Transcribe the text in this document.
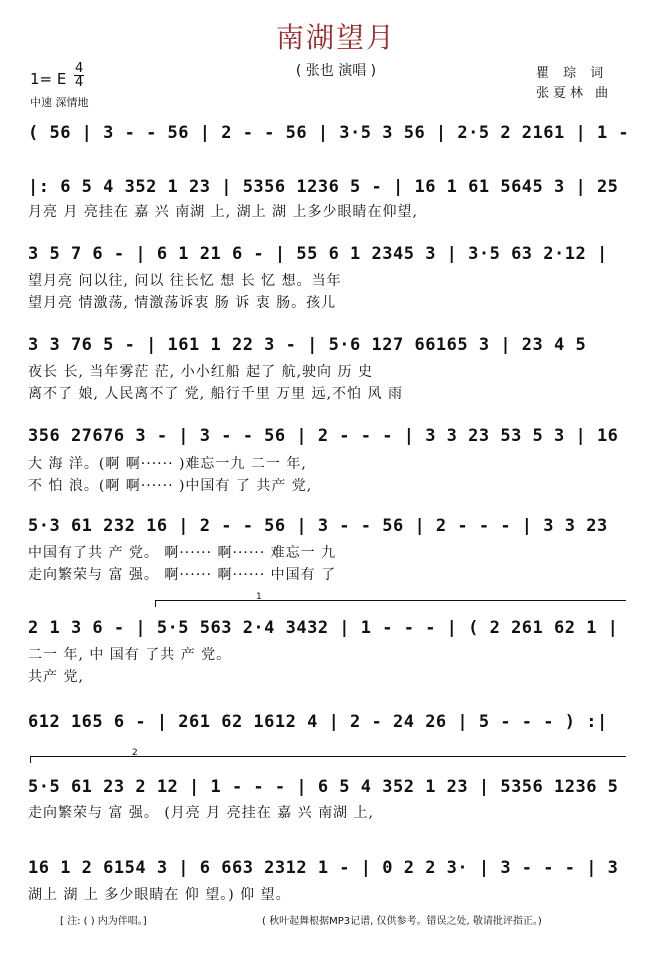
南湖望月
( 张也 演唱 )	瞿 琮 词
张夏林 曲
1= E $\frac{4}{4}$
中速 深情地
( 56 | 3 - - 56 | 2 - - 56 | 3·5 3 56 | 2·5 2 2161 | 1 -
|: 6 5 4 352 1 23 | 5356 1236 5 - | 16 1 61 5645 3 | 25
月亮 月 亮挂在 嘉 兴 南湖 上, 湖上 湖 上多少眼睛在仰望,
3 5 7 6 - | 6 1 21 6 - | 55 6 1 2345 3 | 3·5 63 2·12 |
望月亮 问以往, 问以 往长忆 想 长 忆 想。当年
望月亮 情激荡, 情激荡诉衷 肠 诉 衷 肠。孩儿
3 3 76 5 - | 161 1 22 3 - | 5·6 127 66165 3 | 23 4 5
夜长 长, 当年雾茫 茫, 小小红船 起了 航,驶向 历 史
离不了 娘, 人民离不了 党, 船行千里 万里 远,不怕 风 雨
356 27676 3 - | 3 - - 56 | 2 - - - | 3 3 23 53 5 3 | 16
大 海 洋。(啊 啊······ )难忘一九 二一 年,
不 怕 浪。(啊 啊······ )中国有 了 共产 党,
5·3 61 232 16 | 2 - - 56 | 3 - - 56 | 2 - - - | 3 3 23
中国有了共 产 党。 啊······ 啊······ 难忘一 九
走向繁荣与 富 强。 啊······ 啊······ 中国有 了
1
2 1 3 6 - | 5·5 563 2·4 3432 | 1 - - - | ( 2 261 62 1 |
二一 年, 中 国有 了共 产 党。
共产 党,
612 165 6 - | 261 62 1612 4 | 2 - 24 26 | 5 - - - ) :|
2
5·5 61 23 2 12 | 1 - - - | 6 5 4 352 1 23 | 5356 1236 5
走向繁荣与 富 强。 (月亮 月 亮挂在 嘉 兴 南湖 上,
16 1 2 6154 3 | 6 663 2312 1 - | 0 2 2 3· | 3 - - - | 3
湖上 湖 上 多少眼睛在 仰 望。) 仰 望。
[ 注: ( ) 内为伴唱。]	( 秋叶起舞根据MP3记谱, 仅供参考。错误之处, 敬请批评指正。)
